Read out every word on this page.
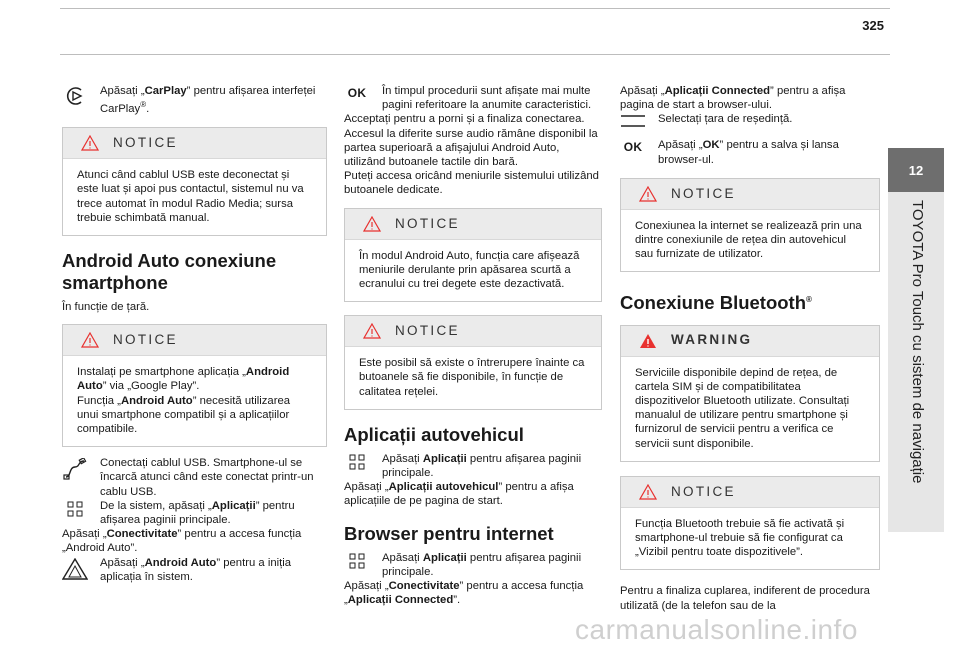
325
12
TOYOTA Pro Touch cu sistem de navigație

Apăsați „CarPlay” pentru afișarea interfeței CarPlay®.

NOTICE
Atunci când cablul USB este deconectat și este luat și apoi pus contactul, sistemul nu va trece automat în modul Radio Media; sursa trebuie schimbată manual.
Android Auto conexiune smartphone

În funcție de țară.

NOTICE

Instalați pe smartphone aplicația „Android Auto” via „Google Play”.

Funcția „Android Auto” necesită utilizarea unui smartphone compatibil și a aplicațiilor compatibile.

Conectați cablul USB. Smartphone-ul se încarcă atunci când este conectat printr-un cablu USB.

De la sistem, apăsați „Aplicații” pentru afișarea paginii principale.

Apăsați „Conectivitate” pentru a accesa funcția „Android Auto”.

Apăsați „Android Auto” pentru a iniția aplicația în sistem.

OK În timpul procedurii sunt afișate mai multe pagini referitoare la anumite caracteristici.

Acceptați pentru a porni și a finaliza conectarea.

Accesul la diferite surse audio rămâne disponibil la partea superioară a afișajului Android Auto, utilizând butoanele tactile din bară.

Puteți accesa oricând meniurile sistemului utilizând butoanele dedicate.

NOTICE
În modul Android Auto, funcția care afișează meniurile derulante prin apăsarea scurtă a ecranului cu trei degete este dezactivată.
NOTICE
Este posibil să existe o întrerupere înainte ca butoanele să fie disponibile, în funcție de calitatea rețelei.
Aplicații autovehicul

Apăsați Aplicații pentru afișarea paginii principale.

Apăsați „Aplicații autovehicul” pentru a afișa aplicațiile de pe pagina de start.

Browser pentru internet

Apăsați Aplicații pentru afișarea paginii principale.

Apăsați „Conectivitate” pentru a accesa funcția „Aplicații Connected”.

Apăsați „Aplicații Connected” pentru a afișa pagina de start a browser-ului.

Selectați țara de reședință.

OK Apăsați „OK” pentru a salva și lansa browser-ul.

NOTICE
Conexiunea la internet se realizează prin una dintre conexiunile de rețea din autovehicul sau furnizate de utilizator.
Conexiune Bluetooth®
WARNING
Serviciile disponibile depind de rețea, de cartela SIM și de compatibilitatea dispozitivelor Bluetooth utilizate. Consultați manualul de utilizare pentru smartphone și furnizorul de servicii pentru a verifica ce servicii sunt disponibile.
NOTICE
Funcția Bluetooth trebuie să fie activată și smartphone-ul trebuie să fie configurat ca „Vizibil pentru toate dispozitivele”.

Pentru a finaliza cuplarea, indiferent de procedura utilizată (de la telefon sau de la

carmanualsonline.info
